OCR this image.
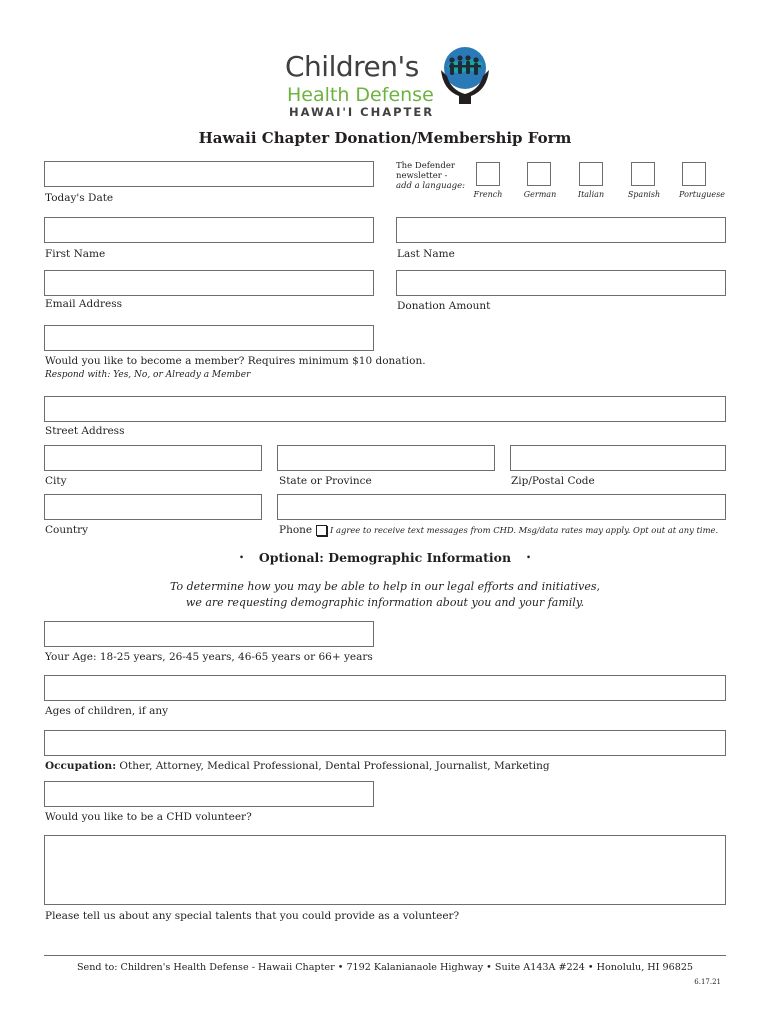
Children's
Health Defense
HAWAI'I CHAPTER
Hawaii Chapter Donation/Membership Form
Today's Date
The Defender
newsletter -
add a language:
French	German	Italian	Spanish	Portuguese
First Name	Last Name
Email Address	Donation Amount
Would you like to become a member? Requires minimum $10 donation.
Respond with: Yes, No, or Already a Member
Street Address
City	State or Province	Zip/Postal Code
Country	Phone I agree to receive text messages from CHD. Msg/data rates may apply. Opt out at any time.
• Optional: Demographic Information •
To determine how you may be able to help in our legal efforts and initiatives,
we are requesting demographic information about you and your family.
Your Age: 18-25 years, 26-45 years, 46-65 years or 66+ years
Ages of children, if any
Occupation: Other, Attorney, Medical Professional, Dental Professional, Journalist, Marketing
Would you like to be a CHD volunteer?
Please tell us about any special talents that you could provide as a volunteer?
Send to: Children's Health Defense - Hawaii Chapter • 7192 Kalanianaole Highway • Suite A143A #224 • Honolulu, HI 96825
6.17.21
